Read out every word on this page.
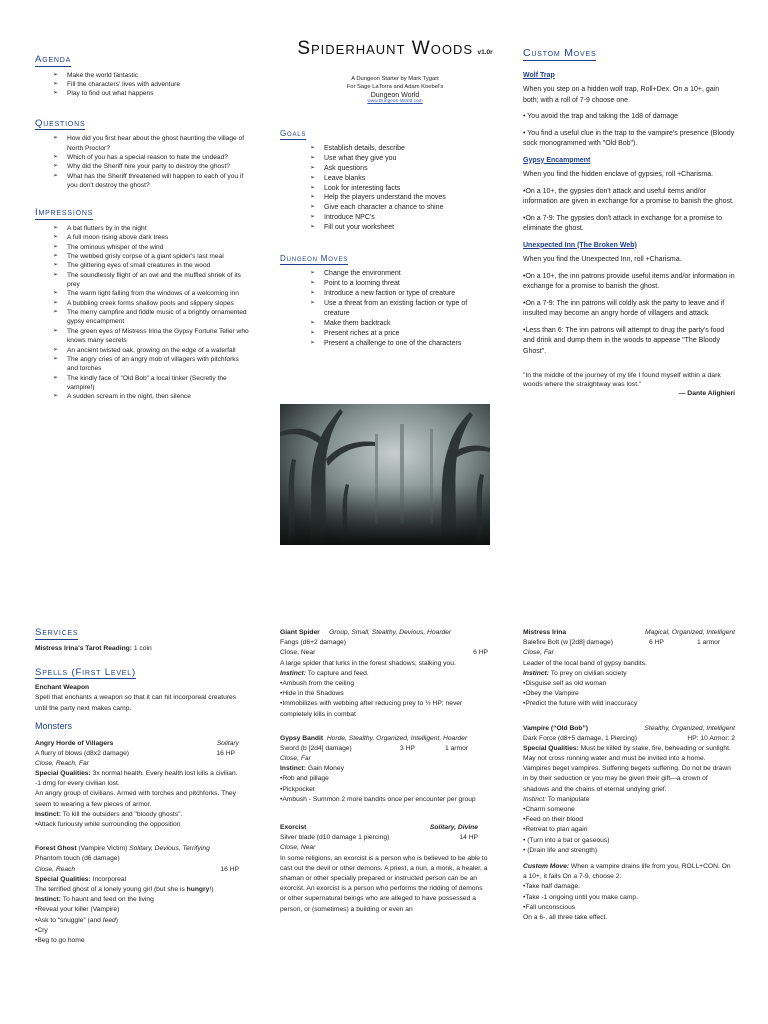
Agenda
➢ Make the world fantastic
➢ Fill the characters' lives with adventure
➢ Play to find out what happens
Questions
➢ How did you first hear about the ghost haunting the village of North Proctor?
➢ Which of you has a special reason to hate the undead?
➢ Why did the Sheriff hire your party to destroy the ghost?
➢ What has the Sheriff threatened will happen to each of you if you don't destroy the ghost?
Impressions
➢ A bat flutters by in the night
➢ A full moon rising above dark trees
➢ The ominous whisper of the wind
➢ The webbed grisly corpse of a giant spider's last meal
➢ The glittering eyes of small creatures in the wood
➢ The soundlessly flight of an owl and the muffled shriek of its prey
➢ The warm light falling from the windows of a welcoming inn
➢ A bubbling creek forms shallow pools and slippery slopes
➢ The merry campfire and fiddle music of a brightly ornamented gypsy encampment
➢ The green eyes of Mistress Irina the Gypsy Fortune Teller who knows many secrets
➢ An ancient twisted oak, growing on the edge of a waterfall
➢ The angry cries of an angry mob of villagers with pitchforks and torches
➢ The kindly face of "Old Bob" a local tinker (Secretly the vampire!)
➢ A sudden scream in the night, then silence
Spiderhaunt Woods v1.0r
A Dungeon Starter by Mark Tygart
For Sage LaTorra and Adam Koebel's
Dungeon World
www.Dungeon-World.com
Goals
➢ Establish details, describe
➢ Use what they give you
➢ Ask questions
➢ Leave blanks
➢ Look for interesting facts
➢ Help the players understand the moves
➢ Give each character a chance to shine
➢ Introduce NPC's
➢ Fill out your worksheet
Dungeon Moves
➢ Change the environment
➢ Point to a looming threat
➢ Introduce a new faction or type of creature
➢ Use a threat from an existing faction or type of creature
➢ Make them backtrack
➢ Present riches at a price
➢ Present a challenge to one of the characters
Custom Moves
Wolf Trap
When you step on a hidden wolf trap, Roll+Dex. On a 10+, gain both; with a roll of 7-9 choose one.
• You avoid the trap and taking the 1d8 of damage
• You find a useful clue in the trap to the vampire's presence (Bloody sock monogrammed with "Old Bob").
Gypsy Encampment
When you find the hidden enclave of gypsies, roll +Charisma.
•On a 10+, the gypsies don't attack and useful items and/or information are given in exchange for a promise to banish the ghost.
•On a 7-9: The gypsies don't attack in exchange for a promise to eliminate the ghost.
Unexpected Inn (The Broken Web)
When you find the Unexpected Inn, roll +Charisma.
•On a 10+, the inn patrons provide useful items and/or information in exchange for a promise to banish the ghost.
•On a 7-9: The inn patrons will coldly ask the party to leave and if insulted may become an angry horde of villagers and attack.
•Less than 6: The inn patrons will attempt to drug the party's food and drink and dump them in the woods to appease "The Bloody Ghost".
"In the middle of the journey of my life I found myself within a dark woods where the straightway was lost."
— Dante Alighieri
Services
Mistress Irina's Tarot Reading: 1 coin
Spells (First Level)
Enchant Weapon
Spell that enchants a weapon so that it can hit incorporeal creatures until the party next makes camp.
Monsters
Angry Horde of Villagers	Solitary
A flurry of blows (d8x2 damage)	16 HP
Close, Reach, Far
Special Qualities: 3x normal health. Every health lost kills a civilian. -1 dmg for every civilian lost.
An angry group of civilians. Armed with torches and pitchforks. They seem to wearing a few pieces of armor.
Instinct: To kill the outsiders and "bloody ghosts".
•Attack furiously while surrounding the opposition
Forest Ghost (Vampire Victim) Solitary, Devious, Terrifying
Phantom touch (d6 damage)
Close, Reach	16 HP
Special Qualities: Incorporeal
The terrified ghost of a lonely young girl (but she is hungry!)
Instinct: To haunt and feed on the living
•Reveal your killer (Vampire)
•Ask to “snuggle” (and feed)
•Cry
•Beg to go home
Giant Spider Group, Small, Stealthy, Devious, Hoarder
Fangs (d6+2 damage)
Close, Near	6 HP
A large spider that lurks in the forest shadows; stalking you.
Instinct: To capture and feed.
•Ambush from the ceiling
•Hide in the Shadows
•Immobilizes with webbing after reducing prey to ½ HP; never completely kills in combat
Gypsy Bandit Horde, Stealthy, Organized, Intelligent, Hoarder
Sword (b [2d4] damage)	3 HP	1 armor
Close, Far
Instinct: Gain Money
•Rob and pillage
•Pickpocket
•Ambush - Summon 2 more bandits once per encounter per group
Exorcist	Solitary, Divine
Silver blade (d10 damage 1 piercing)	14 HP
Close, Near
In some religions, an exorcist is a person who is believed to be able to cast out the devil or other demons. A priest, a nun, a monk, a healer, a shaman or other specially prepared or instructed person can be an exorcist. An exorcist is a person who performs the ridding of demons or other supernatural beings who are alleged to have possessed a person, or (sometimes) a building or even an
Mistress Irina	Magical, Organized, Intelligent
Balefire Bolt (w [2d8] damage)	6 HP	1 armor
Close, Far
Leader of the local band of gypsy bandits.
Instinct: To prey on civilian society
•Disguise self as old woman
•Obey the Vampire
•Predict the future with wild inaccuracy
Vampire (“Old Bob”)	Stealthy, Organized, Intelligent
Dark Force (d8+5 damage, 1 Piercing)	HP: 10 Armor: 2
Special Qualities: Must be killed by stake, fire, beheading or sunlight. May not cross running water and must be invited into a home.
Vampires beget vampires. Suffering begets suffering. Do not be drawn in by their seduction or you may be given their gift—a crown of shadows and the chains of eternal undying grief.
Instinct: To manipulate
•Charm someone
•Feed on their blood
•Retreat to plan again
• (Turn into a bat or gaseous)
• (Drain life and strength)
Custom Move: When a vampire drains life from you, ROLL+CON. On a 10+, it fails On a 7-9, choose 2:
•Take half damage.
•Take -1 ongoing until you make camp.
•Fall unconscious
On a 6-, all three take effect.
